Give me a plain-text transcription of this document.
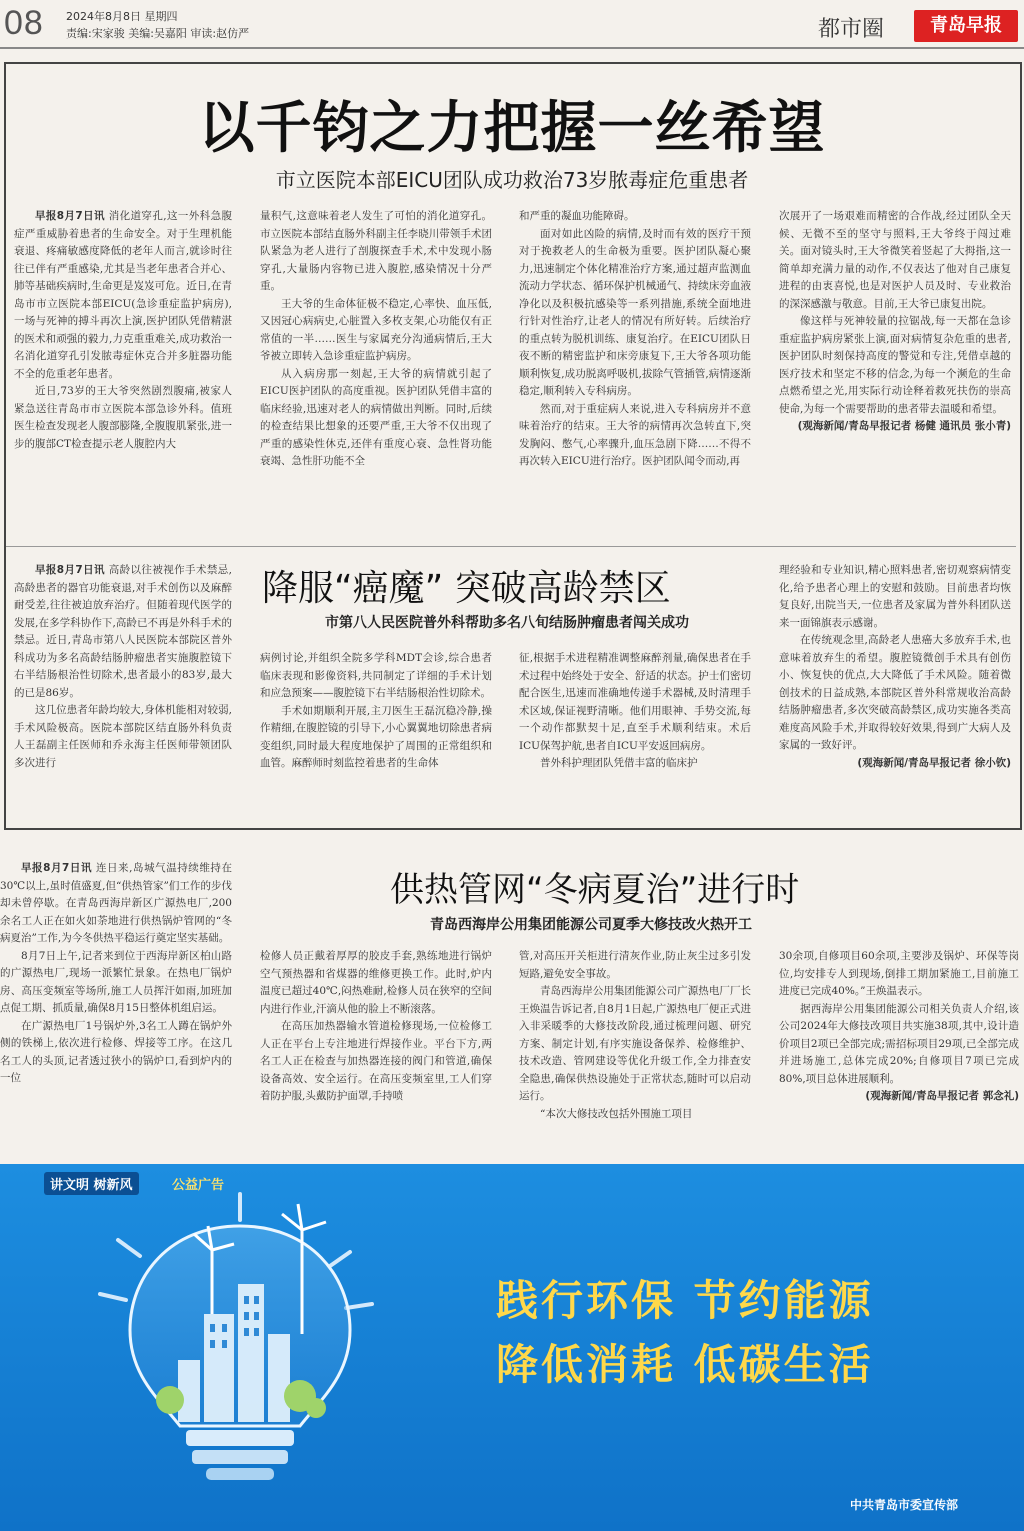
08 2024年8月8日 星期四
责编:宋家骏 美编:吴嘉阳 审读:赵仿严	都市圈	青岛早报
以千钧之力把握一丝希望
市立医院本部EICU团队成功救治73岁脓毒症危重患者

早报8月7日讯 消化道穿孔,这一外科急腹症严重威胁着患者的生命安全。对于生理机能衰退、疼痛敏感度降低的老年人而言,就诊时往往已伴有严重感染,尤其是当老年患者合并心、肺等基础疾病时,生命更是岌岌可危。近日,在青岛市市立医院本部EICU(急诊重症监护病房),一场与死神的搏斗再次上演,医护团队凭借精湛的医术和顽强的毅力,力克重重难关,成功救治一名消化道穿孔引发脓毒症休克合并多脏器功能不全的危重老年患者。

近日,73岁的王大爷突然剧烈腹痛,被家人紧急送往青岛市市立医院本部急诊外科。值班医生检查发现老人腹部膨隆,全腹腹肌紧张,进一步的腹部CT检查提示老人腹腔内大

量积气,这意味着老人发生了可怕的消化道穿孔。市立医院本部结直肠外科副主任李晓川带领手术团队紧急为老人进行了剖腹探查手术,术中发现小肠穿孔,大量肠内容物已进入腹腔,感染情况十分严重。

王大爷的生命体征极不稳定,心率快、血压低,又因冠心病病史,心脏置入多枚支架,心功能仅有正常值的一半……医生与家属充分沟通病情后,王大爷被立即转入急诊重症监护病房。

从入病房那一刻起,王大爷的病情就引起了EICU医护团队的高度重视。医护团队凭借丰富的临床经验,迅速对老人的病情做出判断。同时,后续的检查结果比想象的还要严重,王大爷不仅出现了严重的感染性休克,还伴有重度心衰、急性肾功能衰竭、急性肝功能不全

和严重的凝血功能障碍。

面对如此凶险的病情,及时而有效的医疗干预对于挽救老人的生命极为重要。医护团队凝心聚力,迅速制定个体化精准治疗方案,通过超声监测血流动力学状态、循环保护机械通气、持续床旁血液净化以及积极抗感染等一系列措施,系统全面地进行针对性治疗,让老人的情况有所好转。后续治疗的重点转为脱机训练、康复治疗。在EICU团队日夜不断的精密监护和床旁康复下,王大爷各项功能顺利恢复,成功脱离呼吸机,拔除气管插管,病情逐渐稳定,顺利转入专科病房。

然而,对于重症病人来说,进入专科病房并不意味着治疗的结束。王大爷的病情再次急转直下,突发胸闷、憋气,心率骤升,血压急剧下降……不得不再次转入EICU进行治疗。医护团队闻令而动,再

次展开了一场艰难而精密的合作战,经过团队全天候、无微不至的坚守与照料,王大爷终于闯过难关。面对镜头时,王大爷微笑着竖起了大拇指,这一简单却充满力量的动作,不仅表达了他对自己康复进程的由衷喜悦,也是对医护人员及时、专业救治的深深感激与敬意。目前,王大爷已康复出院。

像这样与死神较量的拉锯战,每一天都在急诊重症监护病房紧张上演,面对病情复杂危重的患者,医护团队时刻保持高度的警觉和专注,凭借卓越的医疗技术和坚定不移的信念,为每一个濒危的生命点燃希望之光,用实际行动诠释着救死扶伤的崇高使命,为每一个需要帮助的患者带去温暖和希望。

(观海新闻/青岛早报记者 杨健 通讯员 张小青)

降服“癌魔” 突破高龄禁区
市第八人民医院普外科帮助多名八旬结肠肿瘤患者闯关成功

早报8月7日讯 高龄以往被视作手术禁忌,高龄患者的器官功能衰退,对手术创伤以及麻醉耐受差,往往被迫放弃治疗。但随着现代医学的发展,在多学科协作下,高龄已不再是外科手术的禁忌。近日,青岛市第八人民医院本部院区普外科成功为多名高龄结肠肿瘤患者实施腹腔镜下右半结肠根治性切除术,患者最小的83岁,最大的已是86岁。

这几位患者年龄均较大,身体机能相对较弱,手术风险极高。医院本部院区结直肠外科负责人王磊副主任医师和乔永海主任医师带领团队多次进行

病例讨论,并组织全院多学科MDT会诊,综合患者临床表现和影像资料,共同制定了详细的手术计划和应急预案——腹腔镜下右半结肠根治性切除术。

手术如期顺利开展,主刀医生王磊沉稳冷静,操作精细,在腹腔镜的引导下,小心翼翼地切除患者病变组织,同时最大程度地保护了周围的正常组织和血管。麻醉师时刻监控着患者的生命体

征,根据手术进程精准调整麻醉剂量,确保患者在手术过程中始终处于安全、舒适的状态。护士们密切配合医生,迅速而准确地传递手术器械,及时清理手术区域,保证视野清晰。他们用眼神、手势交流,每一个动作都默契十足,直至手术顺利结束。术后ICU保驾护航,患者自ICU平安返回病房。

普外科护理团队凭借丰富的临床护

理经验和专业知识,精心照料患者,密切观察病情变化,给予患者心理上的安慰和鼓励。目前患者均恢复良好,出院当天,一位患者及家属为普外科团队送来一面锦旗表示感谢。

在传统观念里,高龄老人患癌大多放弃手术,也意味着放弃生的希望。腹腔镜微创手术具有创伤小、恢复快的优点,大大降低了手术风险。随着微创技术的日益成熟,本部院区普外科常规收治高龄结肠肿瘤患者,多次突破高龄禁区,成功实施各类高难度高风险手术,并取得较好效果,得到广大病人及家属的一致好评。

(观海新闻/青岛早报记者 徐小钦)

供热管网“冬病夏治”进行时
青岛西海岸公用集团能源公司夏季大修技改火热开工

早报8月7日讯 连日来,岛城气温持续维持在30℃以上,虽时值盛夏,但“供热管家”们工作的步伐却未曾停歇。在青岛西海岸新区广源热电厂,200余名工人正在如火如荼地进行供热锅炉管网的“冬病夏治”工作,为今冬供热平稳运行奠定坚实基础。

8月7日上午,记者来到位于西海岸新区柏山路的广源热电厂,现场一派繁忙景象。在热电厂锅炉房、高压变频室等场所,施工人员挥汗如雨,加班加点促工期、抓质量,确保8月15日整体机组启运。

在广源热电厂1号锅炉外,3名工人蹲在锅炉外侧的铁梯上,依次进行检修、焊接等工序。在这几名工人的头顶,记者透过狭小的锅炉口,看到炉内的一位

检修人员正戴着厚厚的胶皮手套,熟练地进行锅炉空气预热器和省煤器的维修更换工作。此时,炉内温度已超过40℃,闷热难耐,检修人员在狭窄的空间内进行作业,汗滴从他的脸上不断滚落。

在高压加热器输水管道检修现场,一位检修工人正在平台上专注地进行焊接作业。平台下方,两名工人正在检查与加热器连接的阀门和管道,确保设备高效、安全运行。在高压变频室里,工人们穿着防护服,头戴防护面罩,手持喷

管,对高压开关柜进行清灰作业,防止灰尘过多引发短路,避免安全事故。

青岛西海岸公用集团能源公司广源热电厂厂长王焕温告诉记者,自8月1日起,广源热电厂便正式进入非采暖季的大修技改阶段,通过梳理问题、研究方案、制定计划,有序实施设备保养、检修维护、技术改造、管网建设等优化升级工作,全力排查安全隐患,确保供热设施处于正常状态,随时可以启动运行。

“本次大修技改包括外围施工项目

30余项,自修项目60余项,主要涉及锅炉、环保等岗位,均安排专人到现场,倒排工期加紧施工,目前施工进度已完成40%。”王焕温表示。

据西海岸公用集团能源公司相关负责人介绍,该公司2024年大修技改项目共实施38项,其中,设计造价项目2项已全部完成;需招标项目29项,已全部完成并进场施工,总体完成20%;自修项目7项已完成80%,项目总体进展顺利。

(观海新闻/青岛早报记者 郭念礼)

讲文明 树新风	公益广告
践行环保 节约能源
降低消耗 低碳生活
中共青岛市委宣传部
